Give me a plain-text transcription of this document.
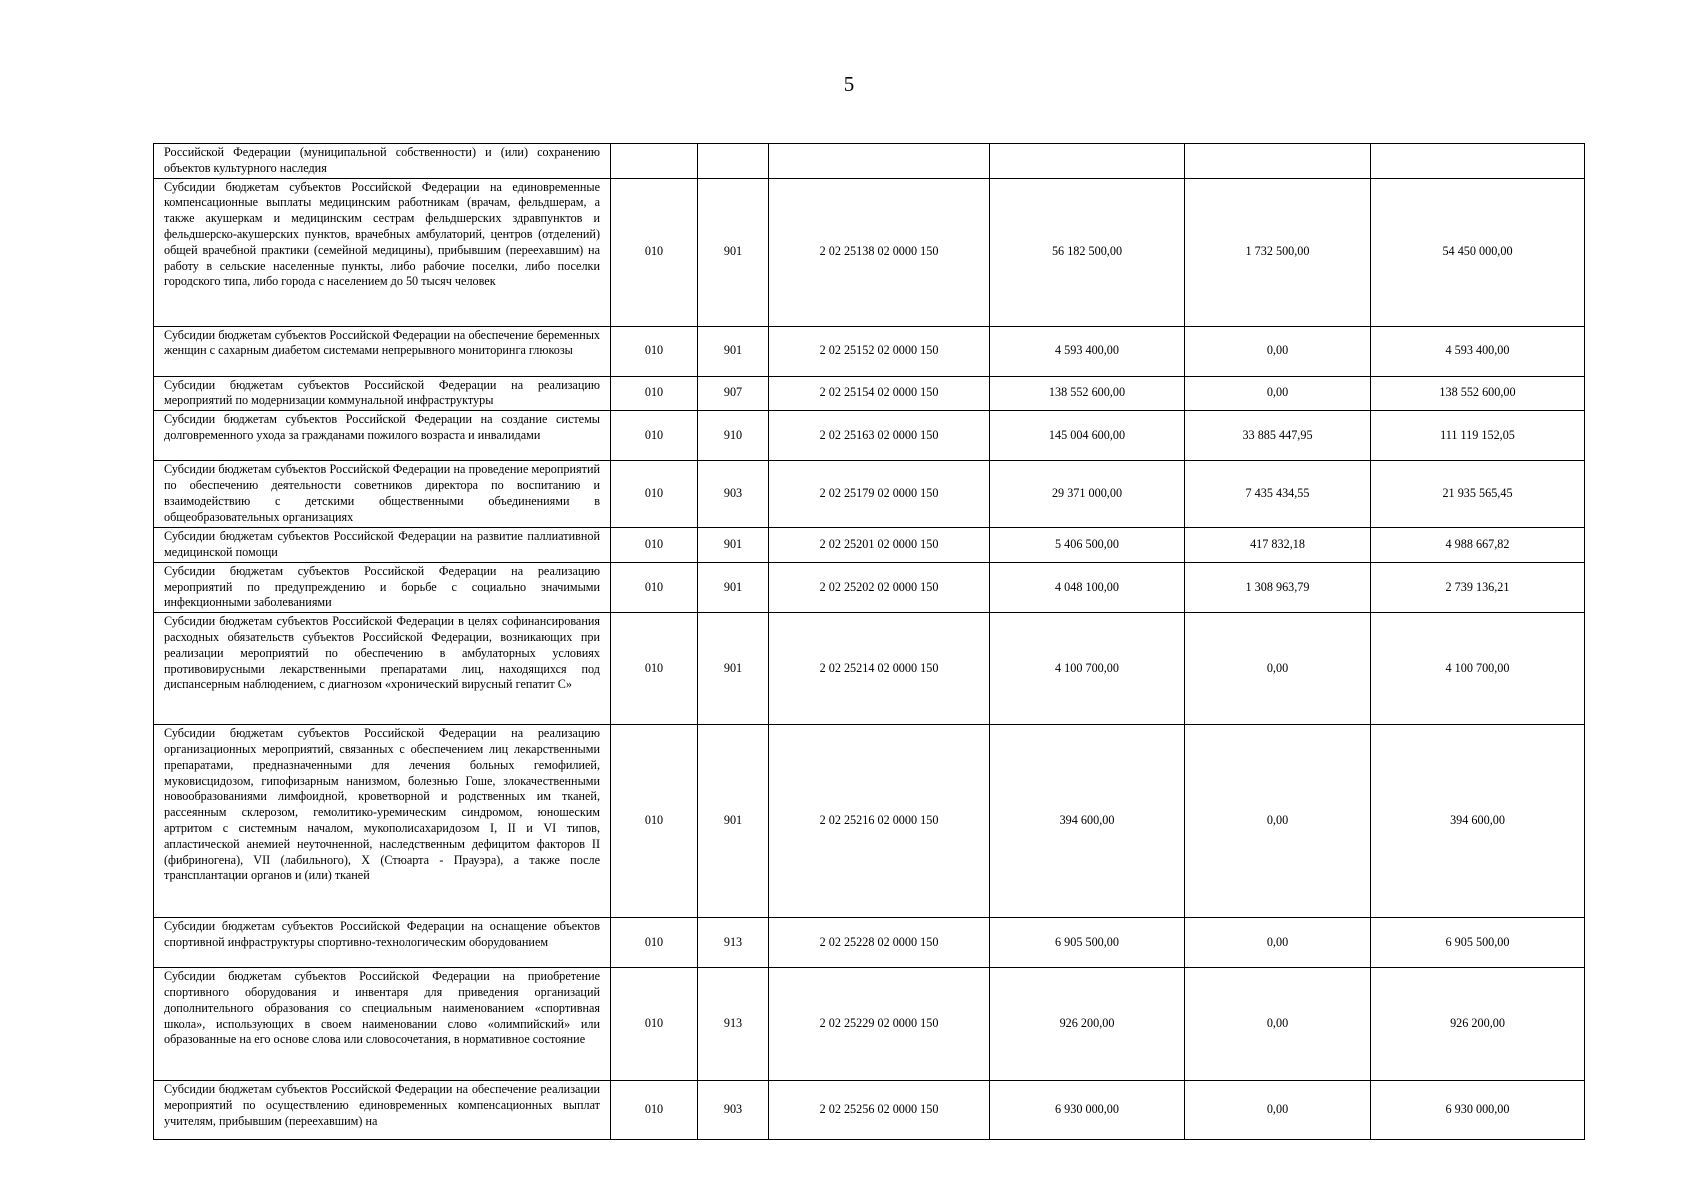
5
Российской Федерации (муниципальной собственности) и (или) сохранению объектов культурного наследия						
Субсидии бюджетам субъектов Российской Федерации на единовременные компенсационные выплаты медицинским работникам (врачам, фельдшерам, а также акушеркам и медицинским сестрам фельдшерских здравпунктов и фельдшерско-акушерских пунктов, врачебных амбулаторий, центров (отделений) общей врачебной практики (семейной медицины), прибывшим (переехавшим) на работу в сельские населенные пункты, либо рабочие поселки, либо поселки городского типа, либо города с населением до 50 тысяч человек	010	901	2 02 25138 02 0000 150	56 182 500,00	1 732 500,00	54 450 000,00
Субсидии бюджетам субъектов Российской Федерации на обеспечение беременных женщин с сахарным диабетом системами непрерывного мониторинга глюкозы	010	901	2 02 25152 02 0000 150	4 593 400,00	0,00	4 593 400,00
Субсидии бюджетам субъектов Российской Федерации на реализацию мероприятий по модернизации коммунальной инфраструктуры	010	907	2 02 25154 02 0000 150	138 552 600,00	0,00	138 552 600,00
Субсидии бюджетам субъектов Российской Федерации на создание системы долговременного ухода за гражданами пожилого возраста и инвалидами	010	910	2 02 25163 02 0000 150	145 004 600,00	33 885 447,95	111 119 152,05
Субсидии бюджетам субъектов Российской Федерации на проведение мероприятий по обеспечению деятельности советников директора по воспитанию и взаимодействию с детскими общественными объединениями в общеобразовательных организациях	010	903	2 02 25179 02 0000 150	29 371 000,00	7 435 434,55	21 935 565,45
Субсидии бюджетам субъектов Российской Федерации на развитие паллиативной медицинской помощи	010	901	2 02 25201 02 0000 150	5 406 500,00	417 832,18	4 988 667,82
Субсидии бюджетам субъектов Российской Федерации на реализацию мероприятий по предупреждению и борьбе с социально значимыми инфекционными заболеваниями	010	901	2 02 25202 02 0000 150	4 048 100,00	1 308 963,79	2 739 136,21
Субсидии бюджетам субъектов Российской Федерации в целях софинансирования расходных обязательств субъектов Российской Федерации, возникающих при реализации мероприятий по обеспечению в амбулаторных условиях противовирусными лекарственными препаратами лиц, находящихся под диспансерным наблюдением, с диагнозом «хронический вирусный гепатит С»	010	901	2 02 25214 02 0000 150	4 100 700,00	0,00	4 100 700,00
Субсидии бюджетам субъектов Российской Федерации на реализацию организационных мероприятий, связанных с обеспечением лиц лекарственными препаратами, предназначенными для лечения больных гемофилией, муковисцидозом, гипофизарным нанизмом, болезнью Гоше, злокачественными новообразованиями лимфоидной, кроветворной и родственных им тканей, рассеянным склерозом, гемолитико-уремическим синдромом, юношеским артритом с системным началом, мукополисахаридозом I, II и VI типов, апластической анемией неуточненной, наследственным дефицитом факторов II (фибриногена), VII (лабильного), X (Стюарта - Прауэра), а также после трансплантации органов и (или) тканей	010	901	2 02 25216 02 0000 150	394 600,00	0,00	394 600,00
Субсидии бюджетам субъектов Российской Федерации на оснащение объектов спортивной инфраструктуры спортивно-технологическим оборудованием	010	913	2 02 25228 02 0000 150	6 905 500,00	0,00	6 905 500,00
Субсидии бюджетам субъектов Российской Федерации на приобретение спортивного оборудования и инвентаря для приведения организаций дополнительного образования со специальным наименованием «спортивная школа», использующих в своем наименовании слово «олимпийский» или образованные на его основе слова или словосочетания, в нормативное состояние	010	913	2 02 25229 02 0000 150	926 200,00	0,00	926 200,00
Субсидии бюджетам субъектов Российской Федерации на обеспечение реализации мероприятий по осуществлению единовременных компенсационных выплат учителям, прибывшим (переехавшим) на	010	903	2 02 25256 02 0000 150	6 930 000,00	0,00	6 930 000,00
